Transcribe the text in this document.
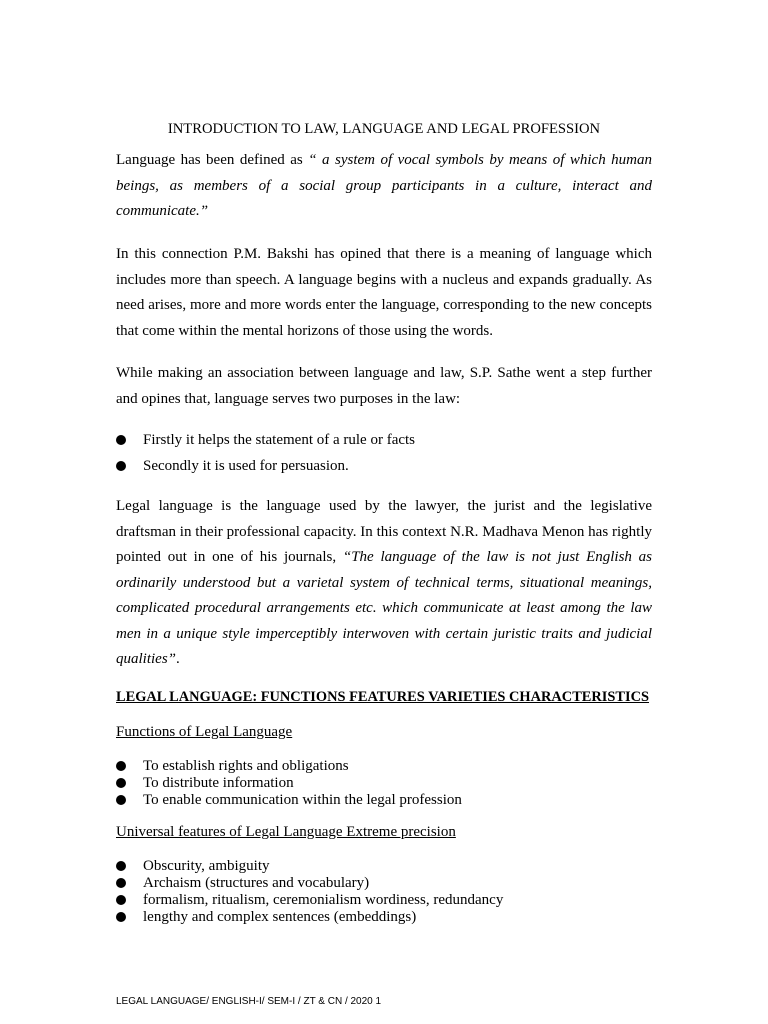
INTRODUCTION TO LAW, LANGUAGE AND LEGAL PROFESSION
Language has been defined as “ a system of vocal symbols by means of which human beings, as members of a social group participants in a culture, interact and communicate.”
In this connection P.M. Bakshi has opined that there is a meaning of language which includes more than speech. A language begins with a nucleus and expands gradually. As need arises, more and more words enter the language, corresponding to the new concepts that come within the mental horizons of those using the words.
While making an association between language and law, S.P. Sathe went a step further and opines that, language serves two purposes in the law:
Firstly it helps the statement of a rule or facts
Secondly it is used for persuasion.
Legal language is the language used by the lawyer, the jurist and the legislative draftsman in their professional capacity. In this context N.R. Madhava Menon has rightly pointed out in one of his journals, “The language of the law is not just English as ordinarily understood but a varietal system of technical terms, situational meanings, complicated procedural arrangements etc. which communicate at least among the law men in a unique style imperceptibly interwoven with certain juristic traits and judicial qualities”.
LEGAL LANGUAGE: FUNCTIONS FEATURES VARIETIES CHARACTERISTICS
Functions of Legal Language
To establish rights and obligations
To distribute information
To enable communication within the legal profession
Universal features of Legal Language Extreme precision
Obscurity, ambiguity
Archaism (structures and vocabulary)
formalism, ritualism, ceremonialism wordiness, redundancy
lengthy and complex sentences (embeddings)
LEGAL LANGUAGE/ ENGLISH-I/ SEM-I / ZT & CN / 2020 1
